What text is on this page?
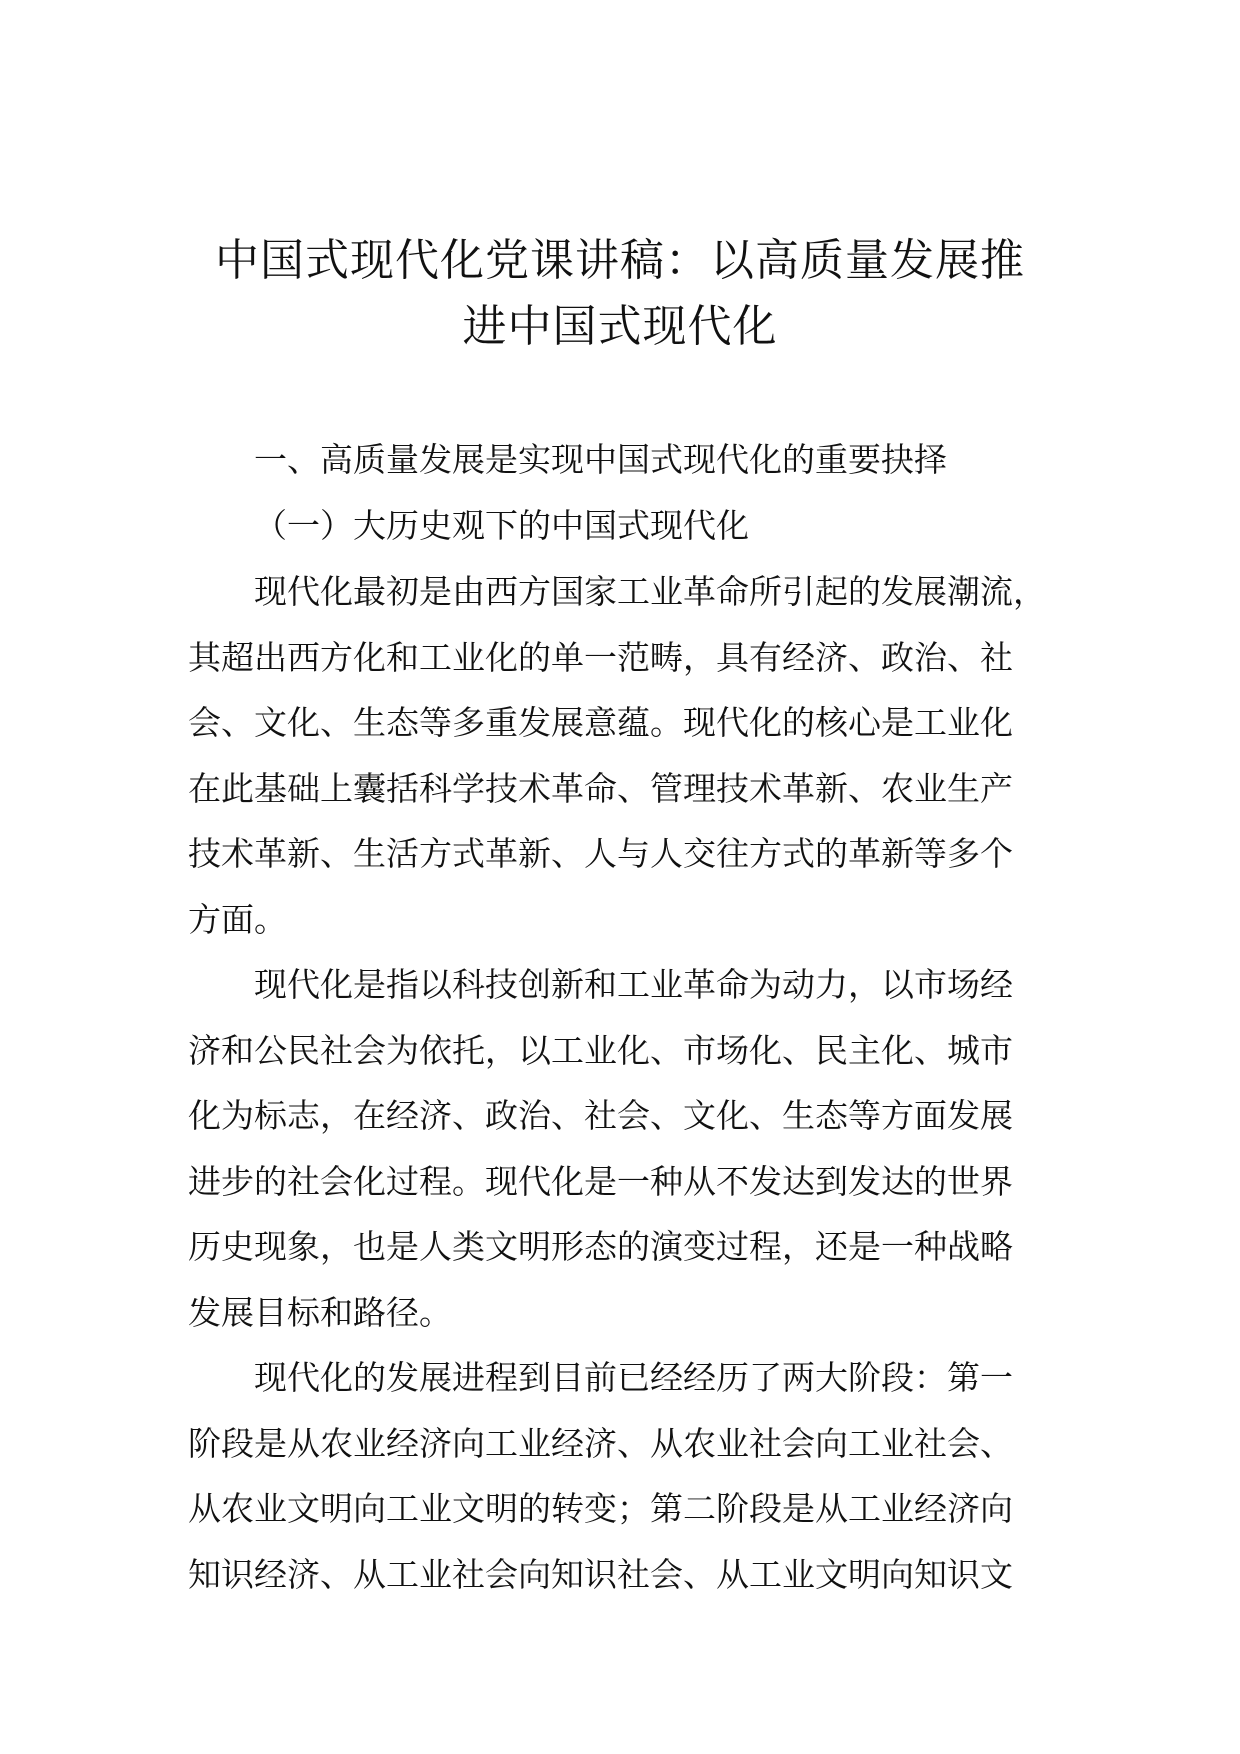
中国式现代化党课讲稿：以高质量发展推
进中国式现代化
一、高质量发展是实现中国式现代化的重要抉择
（一）大历史观下的中国式现代化

现代化最初是由西方国家工业革命所引起的发展潮流，
其超出西方化和工业化的单一范畴，具有经济、政治、社
会、文化、生态等多重发展意蕴。现代化的核心是工业化
在此基础上囊括科学技术革命、管理技术革新、农业生产
技术革新、生活方式革新、人与人交往方式的革新等多个
方面。

现代化是指以科技创新和工业革命为动力，以市场经
济和公民社会为依托，以工业化、市场化、民主化、城市
化为标志，在经济、政治、社会、文化、生态等方面发展
进步的社会化过程。现代化是一种从不发达到发达的世界
历史现象，也是人类文明形态的演变过程，还是一种战略
发展目标和路径。

现代化的发展进程到目前已经经历了两大阶段：第一
阶段是从农业经济向工业经济、从农业社会向工业社会、
从农业文明向工业文明的转变；第二阶段是从工业经济向
知识经济、从工业社会向知识社会、从工业文明向知识文
